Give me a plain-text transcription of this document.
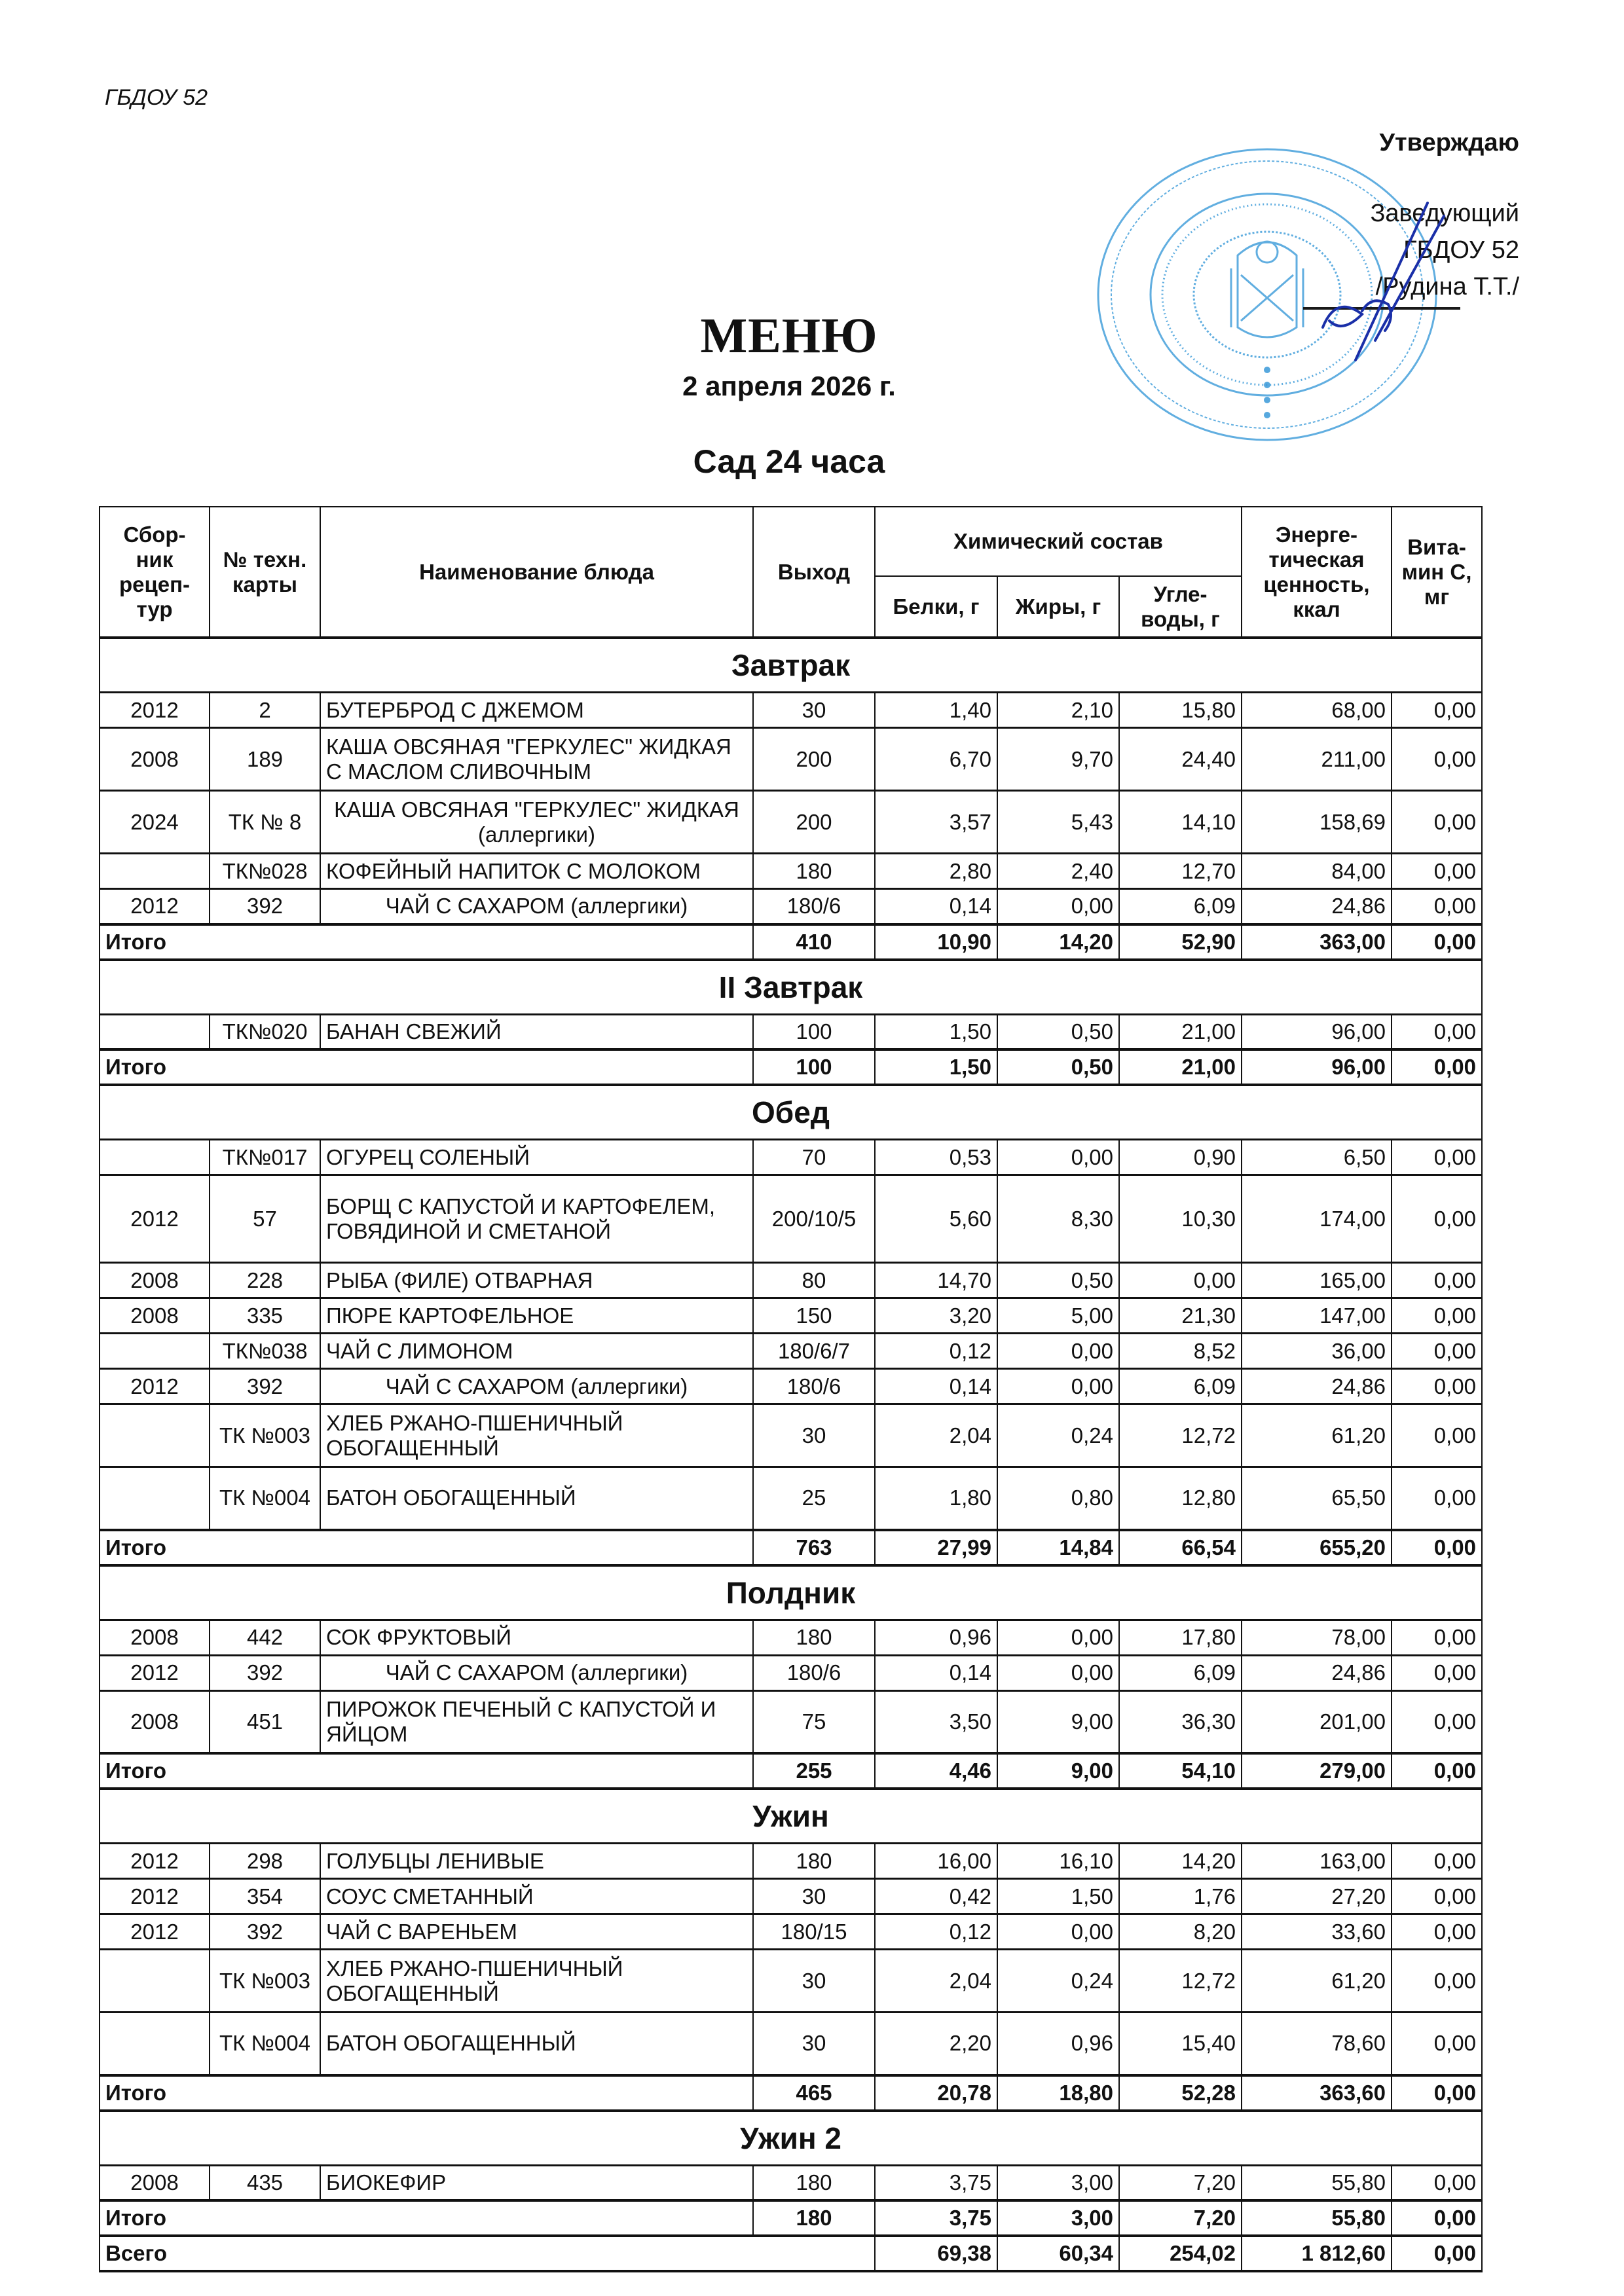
ГБДОУ 52
Утверждаю
Заведующий
ГБДОУ 52
/Рудина Т.Т./
МЕНЮ
2 апреля 2026 г.
Сад 24 часа
Сбор-ник рецеп-тур	№ техн. карты	Наименование блюда	Выход	Химический состав			Энерге-тическая ценность, ккал	Вита-мин С, мг
				Белки, г	Жиры, г	Угле-воды, г		
Завтрак								
2012	2	БУТЕРБРОД С ДЖЕМОМ	30	1,40	2,10	15,80	68,00	0,00
2008	189	КАША ОВСЯНАЯ "ГЕРКУЛЕС" ЖИДКАЯ С МАСЛОМ СЛИВОЧНЫМ	200	6,70	9,70	24,40	211,00	0,00
2024	ТК № 8	КАША ОВСЯНАЯ "ГЕРКУЛЕС" ЖИДКАЯ (аллергики)	200	3,57	5,43	14,10	158,69	0,00
	ТК№028	КОФЕЙНЫЙ НАПИТОК С МОЛОКОМ	180	2,80	2,40	12,70	84,00	0,00
2012	392	ЧАЙ С САХАРОМ (аллергики)	180/6	0,14	0,00	6,09	24,86	0,00
Итого			410	10,90	14,20	52,90	363,00	0,00
II Завтрак								
	ТК№020	БАНАН СВЕЖИЙ	100	1,50	0,50	21,00	96,00	0,00
Итого			100	1,50	0,50	21,00	96,00	0,00
Обед								
	ТК№017	ОГУРЕЦ СОЛЕНЫЙ	70	0,53	0,00	0,90	6,50	0,00
2012	57	БОРЩ С КАПУСТОЙ И КАРТОФЕЛЕМ, ГОВЯДИНОЙ И СМЕТАНОЙ	200/10/5	5,60	8,30	10,30	174,00	0,00
2008	228	РЫБА (ФИЛЕ) ОТВАРНАЯ	80	14,70	0,50	0,00	165,00	0,00
2008	335	ПЮРЕ КАРТОФЕЛЬНОЕ	150	3,20	5,00	21,30	147,00	0,00
	ТК№038	ЧАЙ С ЛИМОНОМ	180/6/7	0,12	0,00	8,52	36,00	0,00
2012	392	ЧАЙ С САХАРОМ (аллергики)	180/6	0,14	0,00	6,09	24,86	0,00
	ТК №003	ХЛЕБ РЖАНО-ПШЕНИЧНЫЙ ОБОГАЩЕННЫЙ	30	2,04	0,24	12,72	61,20	0,00
	ТК №004	БАТОН ОБОГАЩЕННЫЙ	25	1,80	0,80	12,80	65,50	0,00
Итого			763	27,99	14,84	66,54	655,20	0,00
Полдник								
2008	442	СОК ФРУКТОВЫЙ	180	0,96	0,00	17,80	78,00	0,00
2012	392	ЧАЙ С САХАРОМ (аллергики)	180/6	0,14	0,00	6,09	24,86	0,00
2008	451	ПИРОЖОК ПЕЧЕНЫЙ С КАПУСТОЙ И ЯЙЦОМ	75	3,50	9,00	36,30	201,00	0,00
Итого			255	4,46	9,00	54,10	279,00	0,00
Ужин								
2012	298	ГОЛУБЦЫ ЛЕНИВЫЕ	180	16,00	16,10	14,20	163,00	0,00
2012	354	СОУС СМЕТАННЫЙ	30	0,42	1,50	1,76	27,20	0,00
2012	392	ЧАЙ С ВАРЕНЬЕМ	180/15	0,12	0,00	8,20	33,60	0,00
	ТК №003	ХЛЕБ РЖАНО-ПШЕНИЧНЫЙ ОБОГАЩЕННЫЙ	30	2,04	0,24	12,72	61,20	0,00
	ТК №004	БАТОН ОБОГАЩЕННЫЙ	30	2,20	0,96	15,40	78,60	0,00
Итого			465	20,78	18,80	52,28	363,60	0,00
Ужин 2								
2008	435	БИОКЕФИР	180	3,75	3,00	7,20	55,80	0,00
Итого			180	3,75	3,00	7,20	55,80	0,00
Всего				69,38	60,34	254,02	1 812,60	0,00
